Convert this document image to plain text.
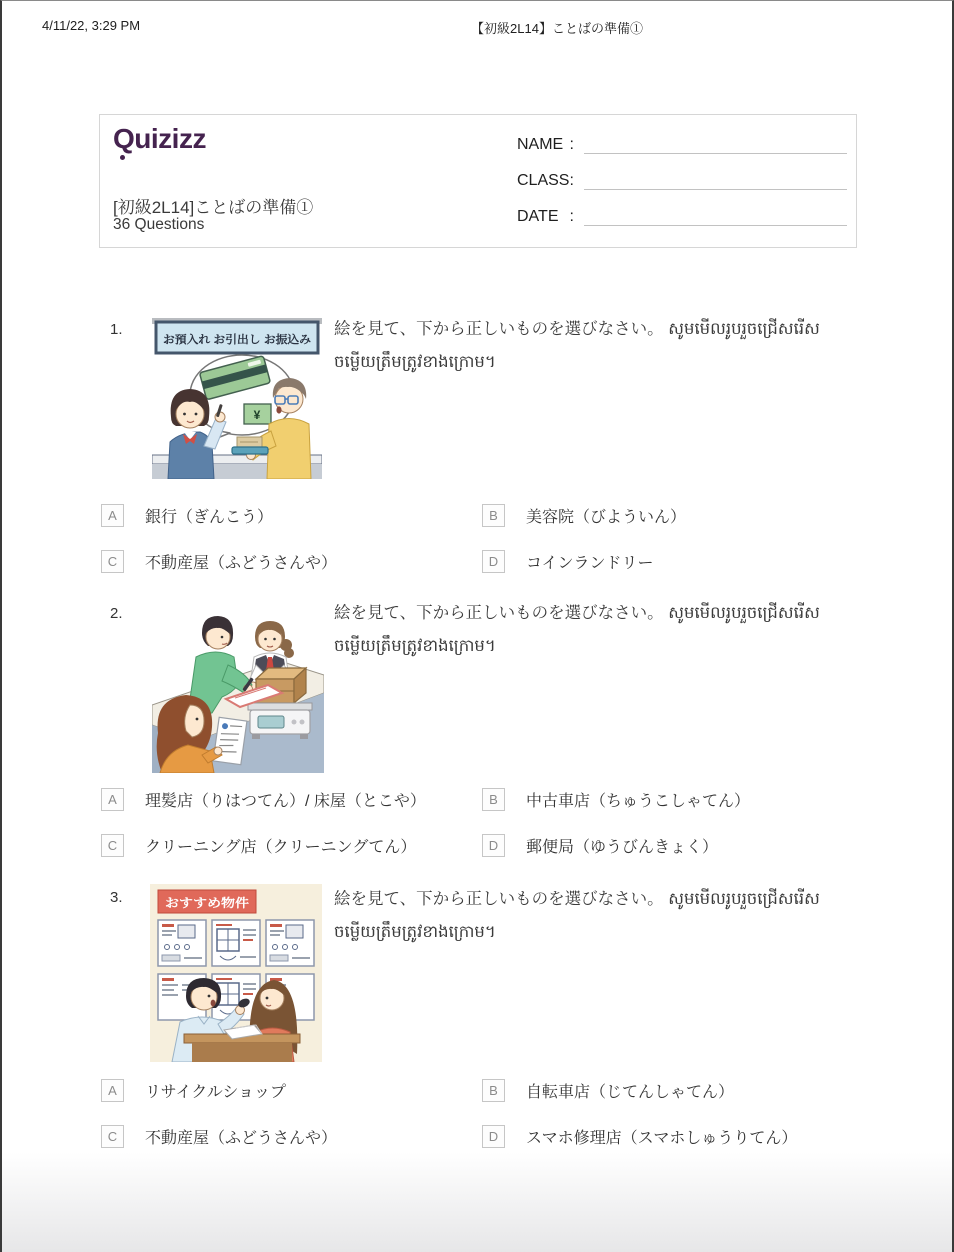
4/11/22, 3:29 PM	【初級2L14】ことばの準備①
Quizizz
[初級2L14]ことばの準備①
36 Questions
NAME :
CLASS :
DATE :
1.
お預入れ お引出し お振込み
¥
絵を見て、下から正しいものを選びなさい。 សូមមើលរូបរួចជ្រើសរើសចម្លើយត្រឹមត្រូវខាងក្រោម។
A	銀行（ぎんこう）	B	美容院（びよういん）
C	不動産屋（ふどうさんや）	D	コインランドリー
2.	絵を見て、下から正しいものを選びなさい。 សូមមើលរូបរួចជ្រើសរើសចម្លើយត្រឹមត្រូវខាងក្រោម។
A	理髪店（りはつてん）/ 床屋（とこや）	B	中古車店（ちゅうこしゃてん）
C	クリーニング店（クリーニングてん）	D	郵便局（ゆうびんきょく）
3.	おすすめ物件	絵を見て、下から正しいものを選びなさい。 សូមមើលរូបរួចជ្រើសរើសចម្លើយត្រឹមត្រូវខាងក្រោម។
A	リサイクルショップ	B	自転車店（じてんしゃてん）
C	不動産屋（ふどうさんや）	D	スマホ修理店（スマホしゅうりてん）
